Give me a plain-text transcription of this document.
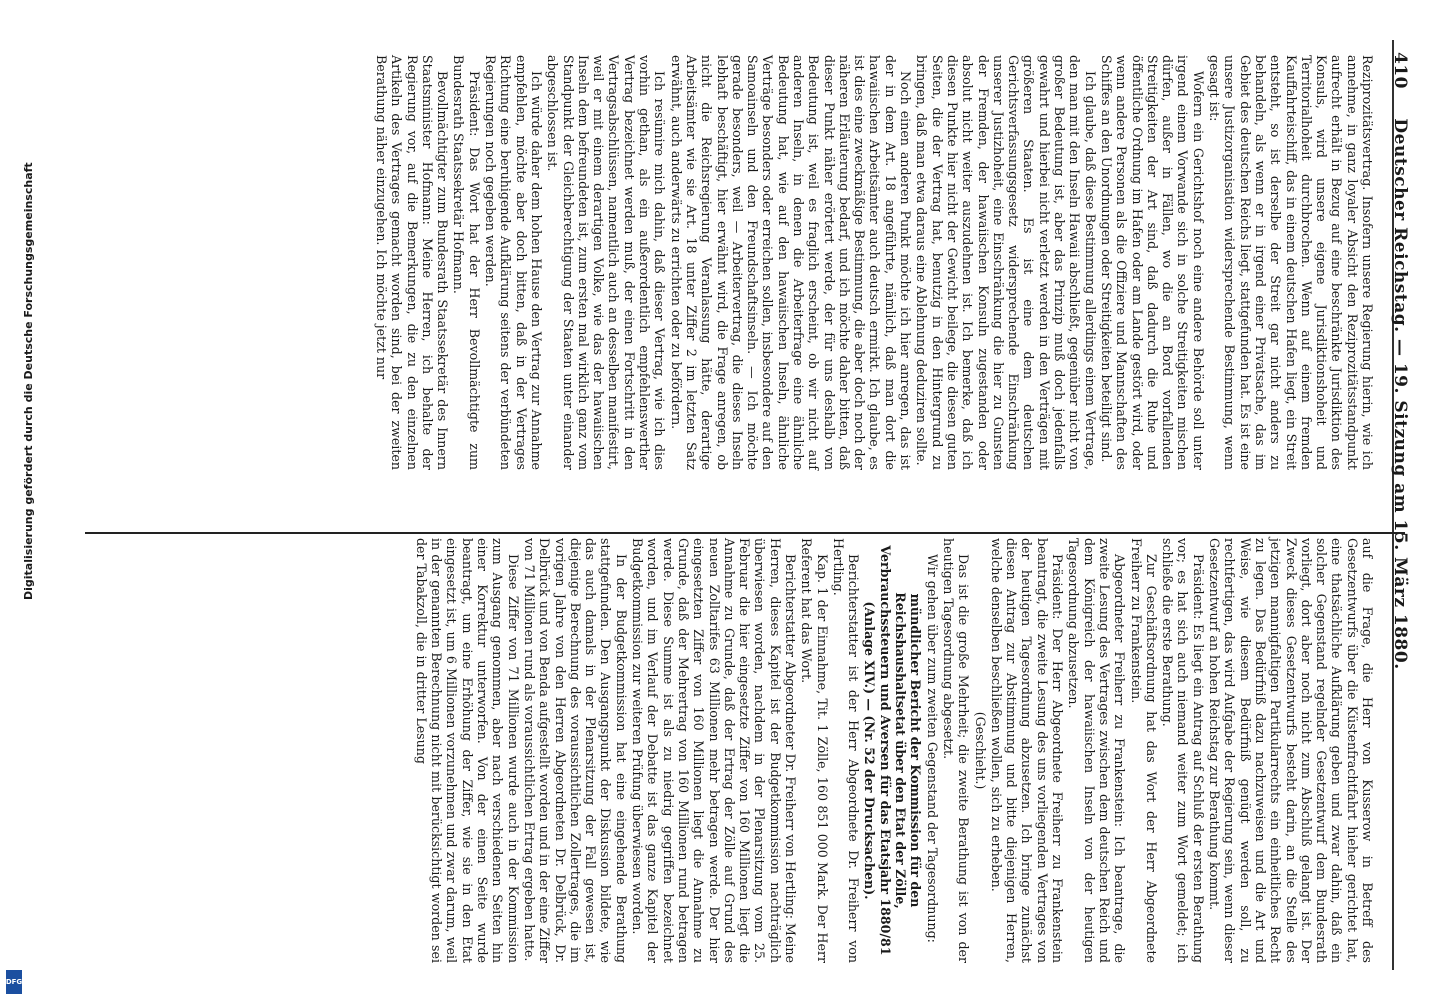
410 Deutscher Reichstag. — 19. Sitzung am 15. März 1880.

Reziprozitätsvertrag. Insofern unsere Regierung hierin, wie ich annehme, in ganz loyaler Absicht den Reziprozitätsstandpunkt aufrecht erhält in Bezug auf eine beschränkte Jurisdiktion des Konsuls, wird unsere eigene Jurisdiktionshoheit und Territorialhoheit durchbrochen. Wenn auf einem fremden Kauffahrteischiff, das in einem deutschen Hafen liegt, ein Streit entsteht, so ist derselbe der Streit gar nicht anders zu behandeln, als wenn er in irgend einer Privatsache, das im Gebiet des deutschen Reichs liegt, stattgefunden hat. Es ist eine unsere Justizorganisation widersprechende Bestimmung, wenn gesagt ist:

Wofern ein Gerichtshof noch eine andere Behörde soll unter irgend einem Vorwande sich in solche Streitigkeiten mischen dürfen, außer in Fällen, wo die an Bord vorfallenden Streitigkeiten der Art sind, daß dadurch die Ruhe und öffentliche Ordnung im Hafen oder am Lande gestört wird, oder wenn andere Personen als die Offiziere und Mannschaften des Schiffes an den Unordnungen oder Streitigkeiten beteiligt sind.

Ich glaube, daß diese Bestimmung allerdings einem Vertrage, den man mit den Inseln Hawaii abschließt, gegenüber nicht von großer Bedeutung ist, aber das Prinzip muß doch jedenfalls gewahrt und hierbei nicht verletzt werden in den Verträgen mit größeren Staaten. Es ist eine dem deutschen Gerichtsverfassungsgesetz widersprechende Einschränkung unserer Justizhoheit, eine Einschränkung die hier zu Gunsten der Fremden, der hawaiischen Konsuln zugestanden oder absolut nicht weiter auszudehnen ist. Ich bemerke, daß ich diesen Punkte hier nicht der Gewicht beilege, die diesen guten Seiten, die der Vertrag hat, benutzig in den Hintergrund zu bringen, daß man etwa daraus eine Ablehnung deduziren sollte.

Noch einen anderen Punkt möchte ich hier anregen, das ist der in dem Art. 18 angeführte, nämlich, daß man dort die hawaiischen Arbeitsämter auch deutsch ermirkt. Ich glaube, es ist dies eine zweckmäßige Bestimmung, die aber doch noch der näheren Erläuterung bedarf, und ich möchte daher bitten, daß dieser Punkt näher erörtert werde, der für uns deshalb von Bedeutung ist, weil es fraglich erscheint, ob wir nicht auf anderen Inseln, in denen die Arbeiterfrage eine ähnliche Bedeutung hat, wie auf den hawaiischen Inseln, ähnliche Verträge besonders oder erreichen sollen, insbesondere auf den Samoainseln und den Freundschaftsinseln. — Ich möchte gerade besonders, weil — Arbeitervertrag, die dieses Inseln lebhaft beschäftigt, hier erwähnt wird, die Frage anregen, ob nicht die Reichsregierung Veranlassung hätte, derartige Arbeitsämter wie sie Art. 18 unter Ziffer 2 im letzten Satz erwähnt, auch anderwärts zu errichten oder zu befördern.

Ich resümire mich dahin, daß dieser Vertrag, wie ich dies vorhin gethan, als ein außerordentlich empfehlenswerther Vertrag bezeichnet werden muß, der einen Fortschritt in den Vertragsabschlüssen, namentlich auch an desselben manifestirt, weil er mit einem derartigen Volke, wie das der hawaiischen Inseln dem befreundeten ist, zum ersten mal wirklich ganz vom Standpunkt der Gleichberechtigung der Staaten unter einander abgeschlossen ist.

Ich würde daher dem hohen Hause den Vertrag zur Annahme empfehlen, möchte aber doch bitten, daß in der Vertrages Richtung eine beruhigende Aufklärung seitens der verbündeten Regierungen noch gegeben werden.

Präsident: Das Wort hat der Herr Bevollmächtigte zum Bundesrath Staatssekretär Hofmann.

Bevollmächtigter zum Bundesrath Staatssekretär des Innern Staatsminister Hofmann: Meine Herren, ich behalte der Regierung vor, auf die Bemerkungen, die zu den einzelnen Artikeln des Vertrages gemacht worden sind, bei der zweiten Berathung näher einzugehen. Ich möchte jetzt nur

auf die Frage, die Herr von Kusserow in Betreff des Gesetzentwurfs über die Küstenfrachtfahrt hieher gerichtet hat, eine thatsächliche Aufklärung geben und zwar dahin, daß ein solcher Gegenstand regelnder Gesetzentwurf dem Bundesrath vorliegt, dort aber noch nicht zum Abschluß gelangt ist. Der Zweck dieses Gesetzentwurfs besteht darin, an die Stelle des jetzigen mannigfaltigen Partikularrechts ein einheitliches Recht zu legen. Das Bedürfniß dazu nachzuweisen und die Art und Weise, wie diesem Bedürfniß genügt werden soll, zu rechtfertigen, das wird Aufgabe der Regierung sein, wenn dieser Gesetzentwurf an hohen Reichstag zur Berathung kommt.

Präsident: Es liegt ein Antrag auf Schluß der ersten Berathung vor; es hat sich auch niemand weiter zum Wort gemeldet; ich schließe die erste Berathung.

Zur Geschäftsordnung hat das Wort der Herr Abgeordnete Freiherr zu Frankenstein.

Abgeordneter Freiherr zu Frankenstein: Ich beantrage, die zweite Lesung des Vertrages zwischen dem deutschen Reich und dem Königreich der hawaiischen Inseln von der heutigen Tagesordnung abzusetzen.

Präsident: Der Herr Abgeordnete Freiherr zu Frankenstein beantragt, die zweite Lesung des uns vorliegenden Vertrages von der heutigen Tagesordnung abzusetzen. Ich bringe zunächst diesen Antrag zur Abstimmung und bitte diejenigen Herren, welche denselben beschließen wollen, sich zu erheben.

(Geschieht.)

Das ist die große Mehrheit; die zweite Berathung ist von der heutigen Tagesordnung abgesetzt.

Wir gehen über zum zweiten Gegenstand der Tagesordnung:

mündlicher Bericht der Kommission für den Reichshaushaltsetat über den Etat der Zölle, Verbrauchssteuern und Aversen für das Etatsjahr 1880/81 (Anlage XIV.) — (Nr. 52 der Drucksachen).

Berichterstatter ist der Herr Abgeordnete Dr. Freiherr von Hertling.

Kap. 1 der Einnahme, Tit. 1 Zölle, 160 851 000 Mark. Der Herr Referent hat das Wort.

Berichterstatter Abgeordneter Dr. Freiherr von Hertling: Meine Herren, dieses Kapitel ist der Budgetkommission nachträglich überwiesen worden, nachdem in der Plenarsitzung vom 25. Februar die hier eingesetzte Ziffer von 160 Millionen liegt die Annahme zu Grunde, daß der Ertrag der Zölle auf Grund des neuen Zolltarifes 63 Millionen mehr betragen werde. Der hier eingesetzten Ziffer von 160 Millionen liegt die Annahme zu Grunde, daß der Mehrertrag von 160 Millionen rund betragen werde. Diese Summe ist als zu niedrig gegriffen bezeichnet worden, und im Verlauf der Debatte ist das ganze Kapitel der Budgetkommission zur weiteren Prüfung überwiesen worden.

In der Budgetkommission hat eine eingehende Berathung stattgefunden. Den Ausgangspunkt der Diskussion bildete, wie das auch damals in der Plenarsitzung der Fall gewesen ist, diejenige Berechnung des voraussichtlichen Zollertrages, die im vorigen Jahre von den Herren Abgeordneten Dr. Delbrück, Dr. Delbrück und von Benda aufgestellt worden und in der eine Ziffer von 71 Millionen rund als voraussichtlichen Ertrag ergeben hatte.

Diese Ziffer von 71 Millionen wurde auch in der Kommission zum Ausgang genommen, aber nach verschiedenen Seiten hin einer Korrektur unterworfen. Von der einen Seite wurde beantragt, um eine Erhöhung der Ziffer, wie sie in den Etat eingesetzt ist, um 6 Millionen vorzunehmen und zwar darum, weil in der genannten Berechnung nicht mit berücksichtigt worden sei der Tabakzoll, die in dritter Lesung

Digitalisierung gefördert durch die Deutsche Forschungsgemeinschaft
DFG
